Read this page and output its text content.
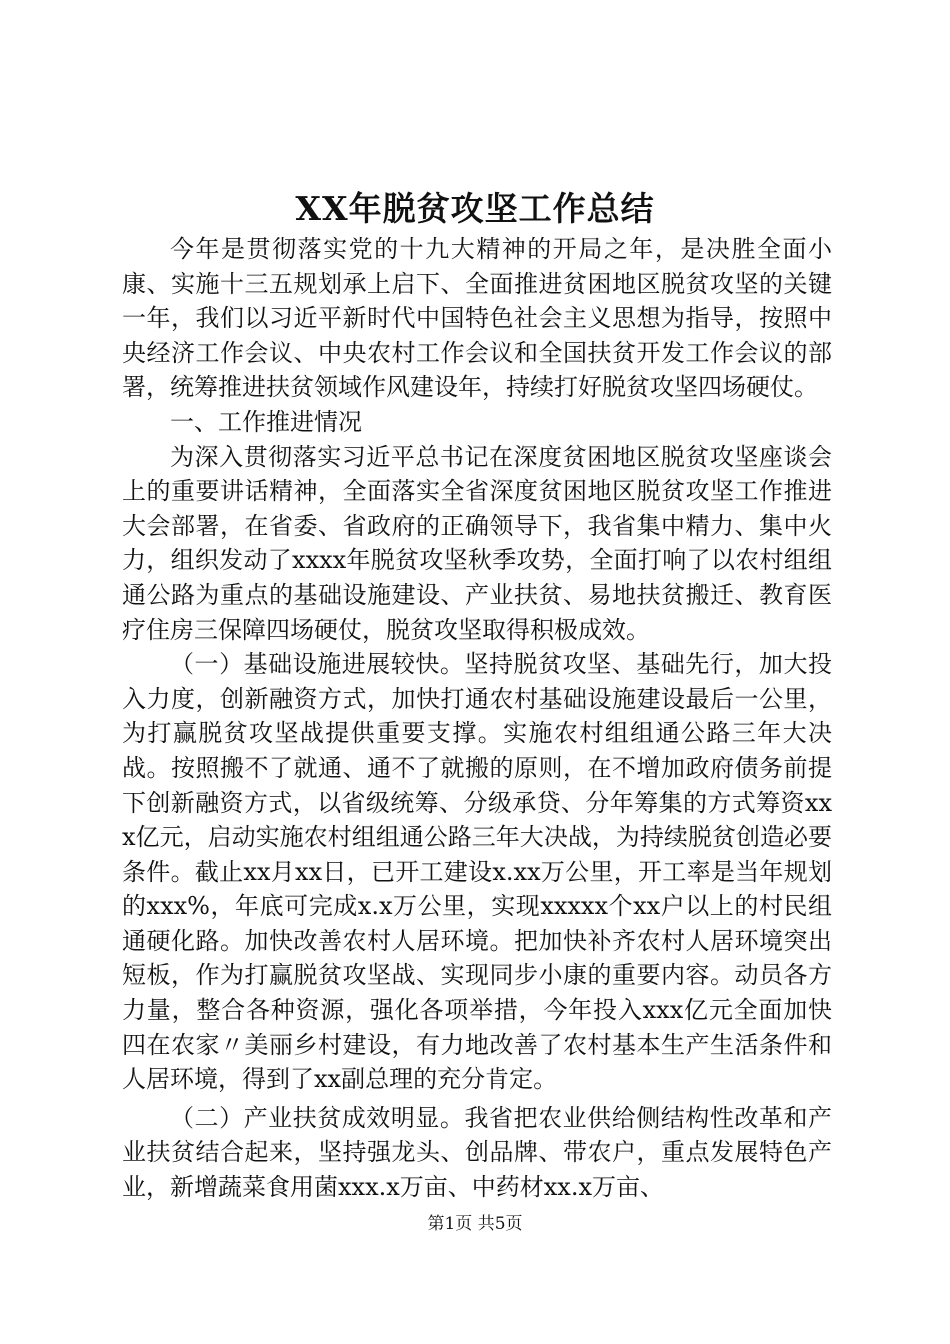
XX年脱贫攻坚工作总结

今年是贯彻落实党的十九大精神的开局之年，是决胜全面小康、实施十三五规划承上启下、全面推进贫困地区脱贫攻坚的关键一年，我们以习近平新时代中国特色社会主义思想为指导，按照中央经济工作会议、中央农村工作会议和全国扶贫开发工作会议的部署，统筹推进扶贫领域作风建设年，持续打好脱贫攻坚四场硬仗。

一、工作推进情况

为深入贯彻落实习近平总书记在深度贫困地区脱贫攻坚座谈会上的重要讲话精神，全面落实全省深度贫困地区脱贫攻坚工作推进大会部署，在省委、省政府的正确领导下，我省集中精力、集中火力，组织发动了xxxx年脱贫攻坚秋季攻势，全面打响了以农村组组通公路为重点的基础设施建设、产业扶贫、易地扶贫搬迁、教育医疗住房三保障四场硬仗，脱贫攻坚取得积极成效。

（一）基础设施进展较快。坚持脱贫攻坚、基础先行，加大投入力度，创新融资方式，加快打通农村基础设施建设最后一公里，为打赢脱贫攻坚战提供重要支撑。实施农村组组通公路三年大决战。按照搬不了就通、通不了就搬的原则，在不增加政府债务前提下创新融资方式，以省级统筹、分级承贷、分年筹集的方式筹资xxx亿元，启动实施农村组组通公路三年大决战，为持续脱贫创造必要条件。截止xx月xx日，已开工建设x.xx万公里，开工率是当年规划的xxx%，年底可完成x.x万公里，实现xxxxx个xx户以上的村民组通硬化路。加快改善农村人居环境。把加快补齐农村人居环境突出短板，作为打赢脱贫攻坚战、实现同步小康的重要内容。动员各方力量，整合各种资源，强化各项举措，今年投入xxx亿元全面加快四在农家〃美丽乡村建设，有力地改善了农村基本生产生活条件和人居环境，得到了xx副总理的充分肯定。

（二）产业扶贫成效明显。我省把农业供给侧结构性改革和产业扶贫结合起来，坚持强龙头、创品牌、带农户，重点发展特色产业，新增蔬菜食用菌xxx.x万亩、中药材xx.x万亩、

第1页 共5页
